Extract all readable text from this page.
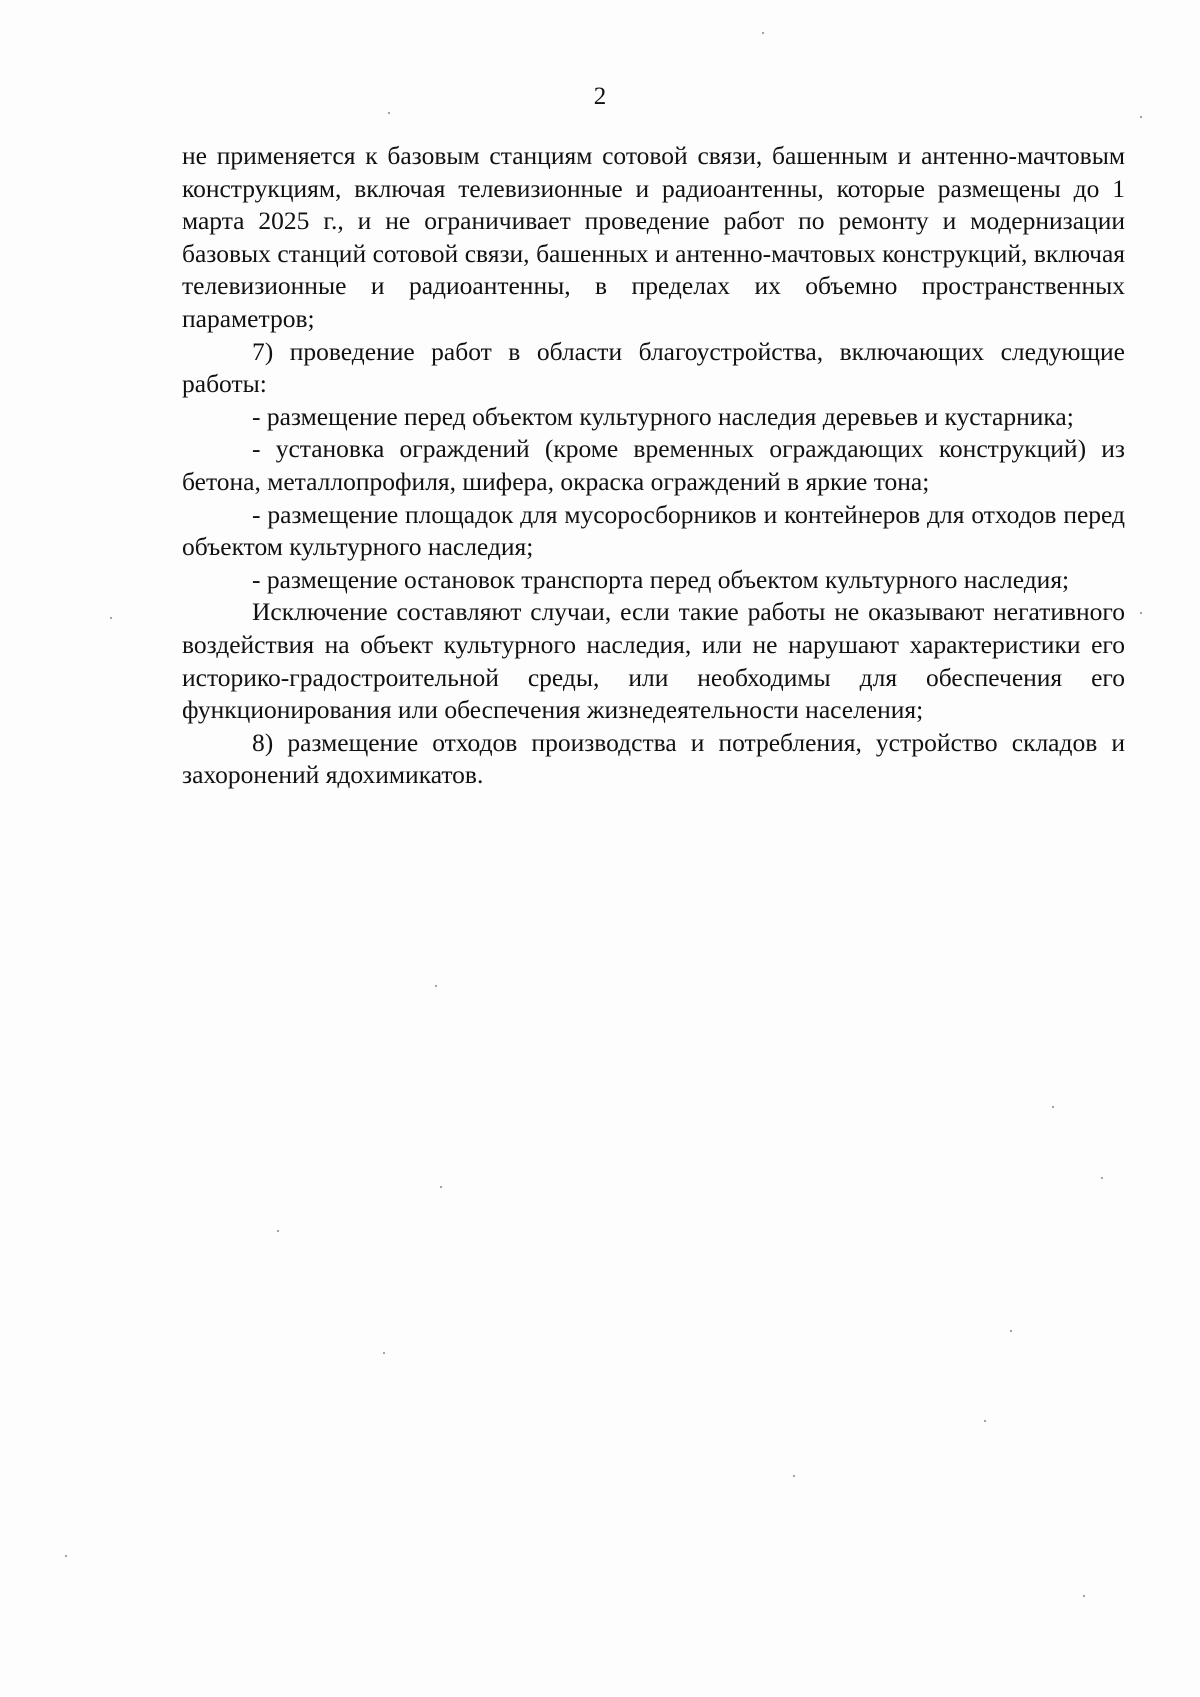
2

не применяется к базовым станциям сотовой связи, башенным и антенно-мачтовым конструкциям, включая телевизионные и радиоантенны, которые размещены до 1 марта 2025 г., и не ограничивает проведение работ по ремонту и модернизации базовых станций сотовой связи, башенных и антенно-мачтовых конструкций, включая телевизионные и радиоантенны, в пределах их объемно пространственных параметров;

7) проведение работ в области благоустройства, включающих следующие работы:

- размещение перед объектом культурного наследия деревьев и кустарника;

- установка ограждений (кроме временных ограждающих конструкций) из бетона, металлопрофиля, шифера, окраска ограждений в яркие тона;

- размещение площадок для мусоросборников и контейнеров для отходов перед объектом культурного наследия;

- размещение остановок транспорта перед объектом культурного наследия;

Исключение составляют случаи, если такие работы не оказывают негативного воздействия на объект культурного наследия, или не нарушают характеристики его историко-градостроительной среды, или необходимы для обеспечения его функционирования или обеспечения жизнедеятельности населения;

8) размещение отходов производства и потребления, устройство складов и захоронений ядохимикатов.
